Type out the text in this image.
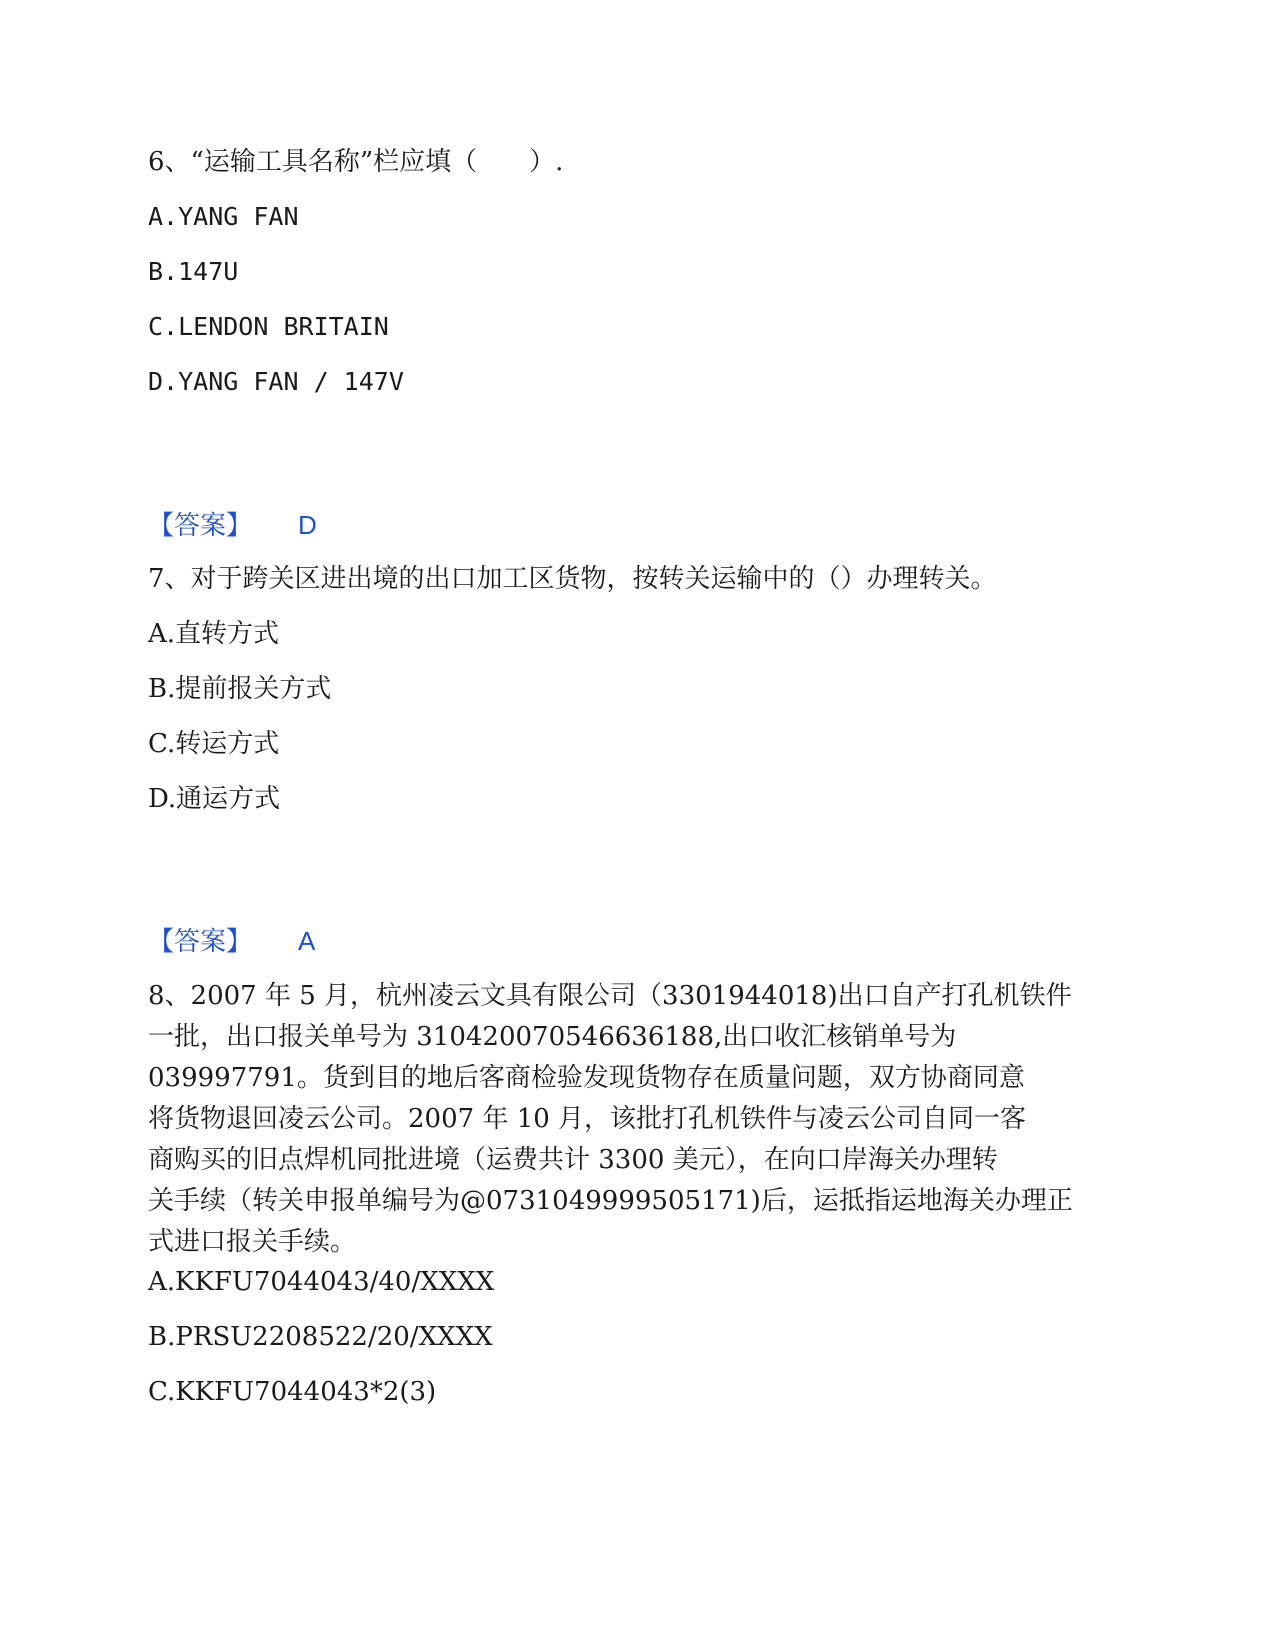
6、“运输工具名称”栏应填（　　）.
A.YANG FAN
B.147U
C.LENDON BRITAIN
D.YANG FAN / 147V
【答案】 D
7、对于跨关区进出境的出口加工区货物，按转关运输中的（）办理转关。
A.直转方式
B.提前报关方式
C.转运方式
D.通运方式
【答案】 A
8、2007 年 5 月，杭州凌云文具有限公司（3301944018)出口自产打孔机铁件
一批，出口报关单号为 310420070546636188,出口收汇核销单号为
039997791。货到目的地后客商检验发现货物存在质量问题，双方协商同意
将货物退回凌云公司。2007 年 10 月，该批打孔机铁件与凌云公司自同一客
商购买的旧点焊机同批进境（运费共计 3300 美元），在向口岸海关办理转
关手续（转关申报单编号为@0731049999505171)后，运抵指运地海关办理正
式进口报关手续。
A.KKFU7044043/40/XXXX
B.PRSU2208522/20/XXXX
C.KKFU7044043*2(3)
